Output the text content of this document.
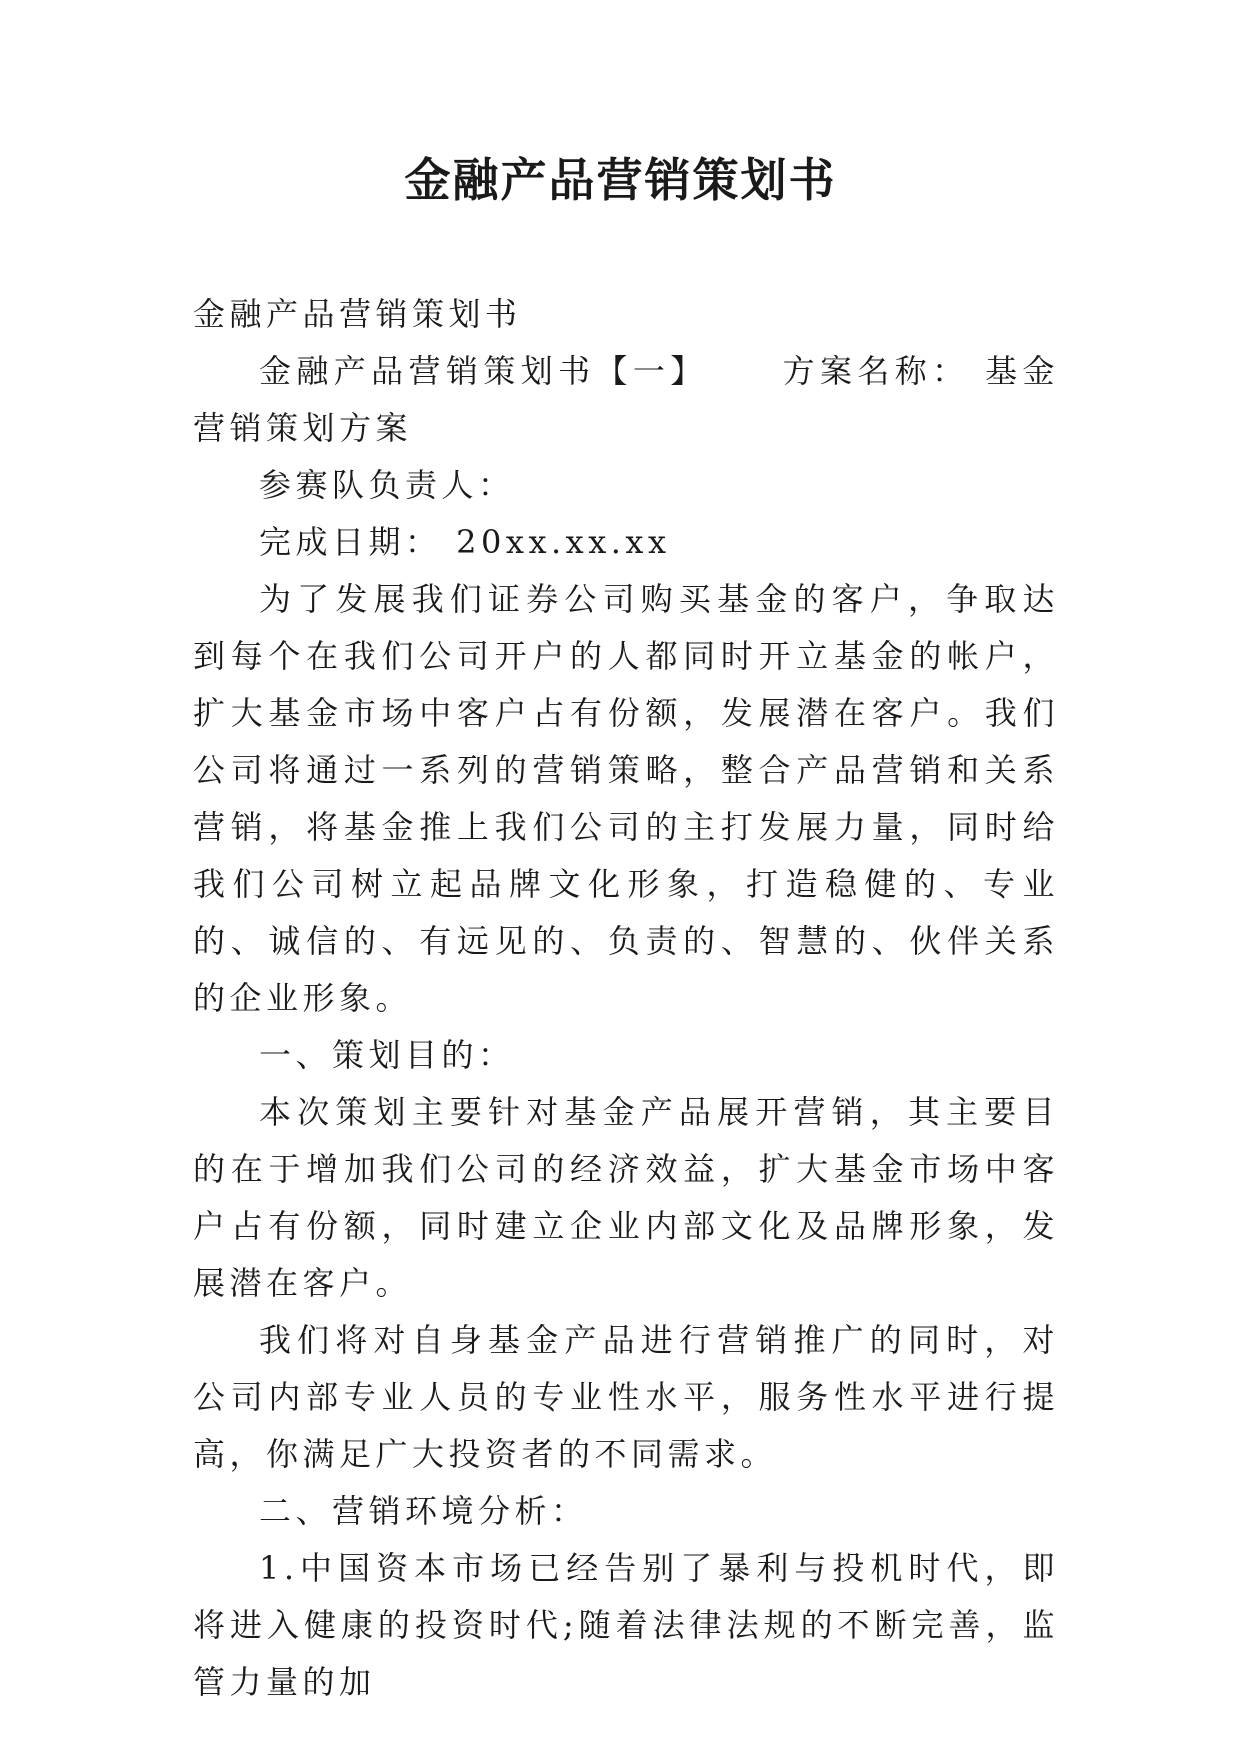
金融产品营销策划书

金融产品营销策划书

金融产品营销策划书【一】 方案名称： 基金营销策划方案

参赛队负责人：

完成日期： 20xx.xx.xx

为了发展我们证券公司购买基金的客户，争取达到每个在我们公司开户的人都同时开立基金的帐户，扩大基金市场中客户占有份额，发展潜在客户。我们公司将通过一系列的营销策略，整合产品营销和关系营销，将基金推上我们公司的主打发展力量，同时给我们公司树立起品牌文化形象，打造稳健的、专业的、诚信的、有远见的、负责的、智慧的、伙伴关系的企业形象。

一、策划目的：

本次策划主要针对基金产品展开营销，其主要目的在于增加我们公司的经济效益，扩大基金市场中客户占有份额，同时建立企业内部文化及品牌形象，发展潜在客户。

我们将对自身基金产品进行营销推广的同时，对公司内部专业人员的专业性水平，服务性水平进行提高，你满足广大投资者的不同需求。

二、营销环境分析：

1.中国资本市场已经告别了暴利与投机时代，即将进入健康的投资时代;随着法律法规的不断完善，监管力量的加
